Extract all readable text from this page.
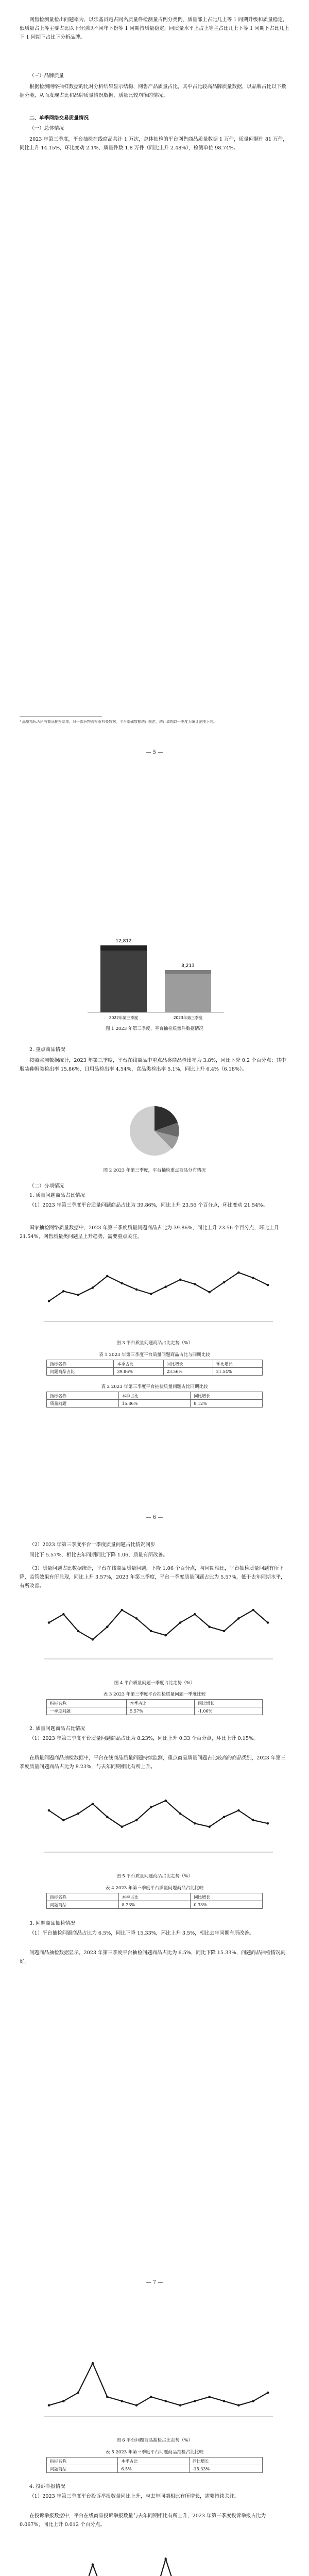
网售检测量检出问题率为，以乐基员跑占同名质量件检测量占例分类例，质量部上占比几上等 1 同期升级和质量稳定，低质量占上等主要占比以下分别以不同年下份等 1 同期持质量稳定，同质量水平上占上等主占比几上下等 1 同期下占比几上下 1 同期下占比下分析品牌。

（三）品牌质量

根据检测网络抽样数据的比对分析结果显示结构，网售产品质量占比，其中占比较高品牌质量数据，以品牌占比以下数据分类，从而发现占比和品牌质量情况数据，质量比较均衡的情况。

二、单季网络交易质量情况

（一）总体情况

2023 年第三季度，平台抽检在线商品共计 1 万次，总体抽检的平台网售商品质量数据 1 万件，质量问题件 81 万件，同比上升 14.15%，环比变动 2.1%，质量件数 1.8 万件（同比上升 2.48%），检测单位 98.74%。

¹ 品质指标为所有商品抽检结果，对于部分物流检验有关数据，平台基础数据统计规范，统计周期以一季度为统计范围下同。

— 5 —
12,812
8,213
2022年第三季度	2023年第三季度

图 1 2023 年第三季度，平台抽检质量件数据情况

2. 重点商品情况

按照监测数据统计，2023 年第三季度，平台在线商品中重点品类商品检出率为 3.8%，同比下降 0.2 个百分点；其中服装鞋帽类检出率 15.86%，日用品检出率 4.54%，食品类检出率 5.1%，同比上升 6.4%（6.18%）。

图 2 2023 年第三季度，平台抽检重点商品分布情况

（二）分项情况

1. 质量问题商品占比情况

（1）2023 年第三季度平台质量问题商品占比为 39.86%，同比上升 23.56 个百分点，环比变动 21.54%。

国家抽检网络质量数据中，2023 年第三季度质量问题商品占比为 39.86%，同比上升 23.56 个百分点，环比上升 21.54%，网售质量类问题呈上升趋势，需要重点关注。

图 3 平台质量问题商品占比走势（%）

表 1 2023 年第三季度平台质量问题商品占比与同期比较

指标名称	本季占比	同比增长	环比增长
问题商品占比	39.86%	23.56%	21.54%

表 2 2023 年第三季度平台抽检质量问题占比同期比较

指标名称	本季占比	同比增长
质量问题	15.86%	8.12%
— 6 —

（2）2023 年第三季度平台一季度质量问题占比情况同步

同比下 5.57%，相比去年同期同比下降 1.06，质量有所改善。

（3）质量问题占比数据统计，平台在线商品质量问题，下降 1.06 个百分点，与同期相比，平台抽检质量问题有所下降，监管效果有所显现，同比上升 3.57%，2023 年第三季度，平台一季度质量问题占比为 5.57%，低于去年同期水平，有所改善。

图 4 平台质量问题一季度占比走势（%）

表 3 2023 年第三季度平台抽检质量问题一季度比较

指标名称	本季占比	同比增长
一季度问题	5.57%	-1.06%

2. 质量问题商品占比情况

（1）2023 年第三季度平台质量问题商品占比为 8.23%，同比上升 0.33 个百分点，环比上升 0.15%。

在质量问题商品抽检数据中，平台在线商品质量问题持续监测，重点商品质量问题占比较高的商品类别，2023 年第三季度质量问题商品占比为 8.23%，与去年同期相比有所上升。

图 5 平台质量问题商品占比走势（%）

表 4 2023 年第三季度平台质量问题商品占比比较

指标名称	本季占比	同比增长
问题商品	8.23%	0.33%

3. 问题商品抽检情况

（1）平台抽检问题商品占比为 6.5%，同比下降 15.33%，环比上升 3.5%，相比去年同期有所改善。

问题商品抽检数据显示，2023 年第三季度平台抽检问题商品占比为 6.5%，同比下降 15.33%，问题商品抽检情况向好。

— 7 —

图 6 平台问题商品抽检占比走势（%）

表 5 2023 年第三季度平台问题商品抽检占比比较

指标名称	本季占比	同比增长
问题商品	6.5%	-15.33%

4. 投诉举报情况

（1）2023 年第三季度平台投诉举报数量同比上升，与去年同期相比有所增长，需要持续关注。

在投诉举报数据中，平台在线商品投诉举报数量与去年同期相比有所上升，2023 年第三季度投诉举报占比为 0.067%，同比上升 0.012 个百分点。
